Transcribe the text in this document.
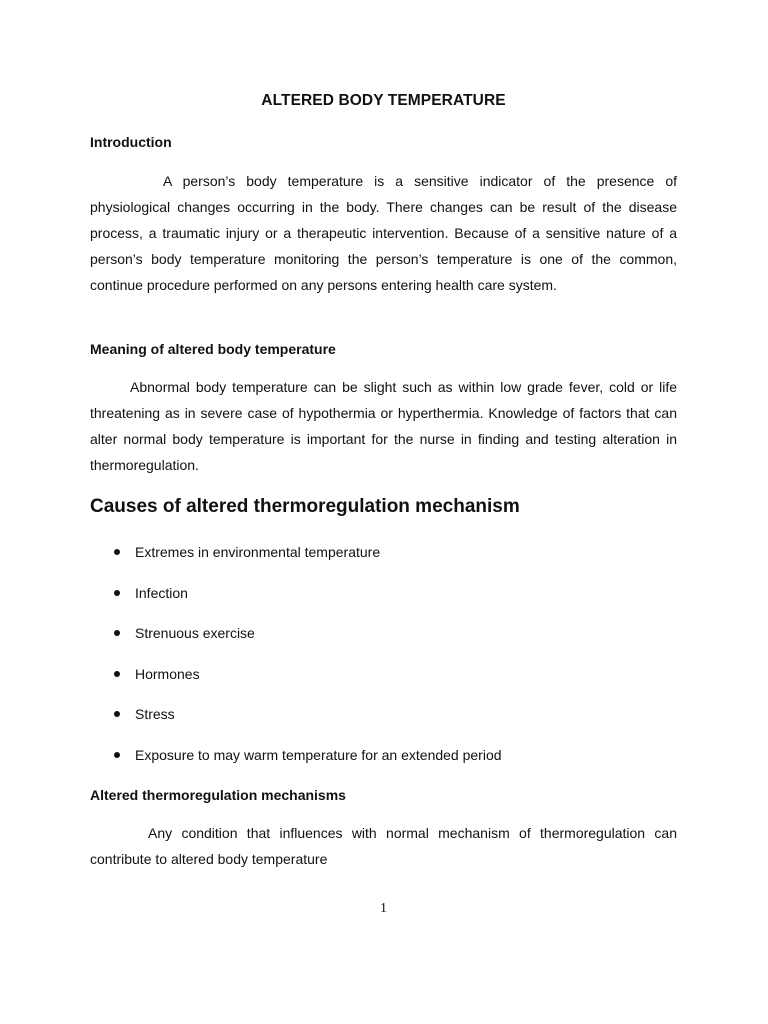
ALTERED BODY TEMPERATURE
Introduction
A person’s body temperature is a sensitive indicator of the presence of physiological changes occurring in the body. There changes can be result of the disease process, a traumatic injury or a therapeutic intervention. Because of a sensitive nature of a person’s body temperature monitoring the person’s temperature is one of the common, continue procedure performed on any persons entering health care system.
Meaning of altered body temperature
Abnormal body temperature can be slight such as within low grade fever, cold or life threatening as in severe case of hypothermia or hyperthermia. Knowledge of factors that can alter normal body temperature is important for the nurse in finding and testing alteration in thermoregulation.
Causes of altered thermoregulation mechanism
Extremes in environmental temperature
Infection
Strenuous exercise
Hormones
Stress
Exposure to may warm temperature for an extended period
Altered thermoregulation mechanisms
Any condition that influences with normal mechanism of thermoregulation can contribute to altered body temperature
1
